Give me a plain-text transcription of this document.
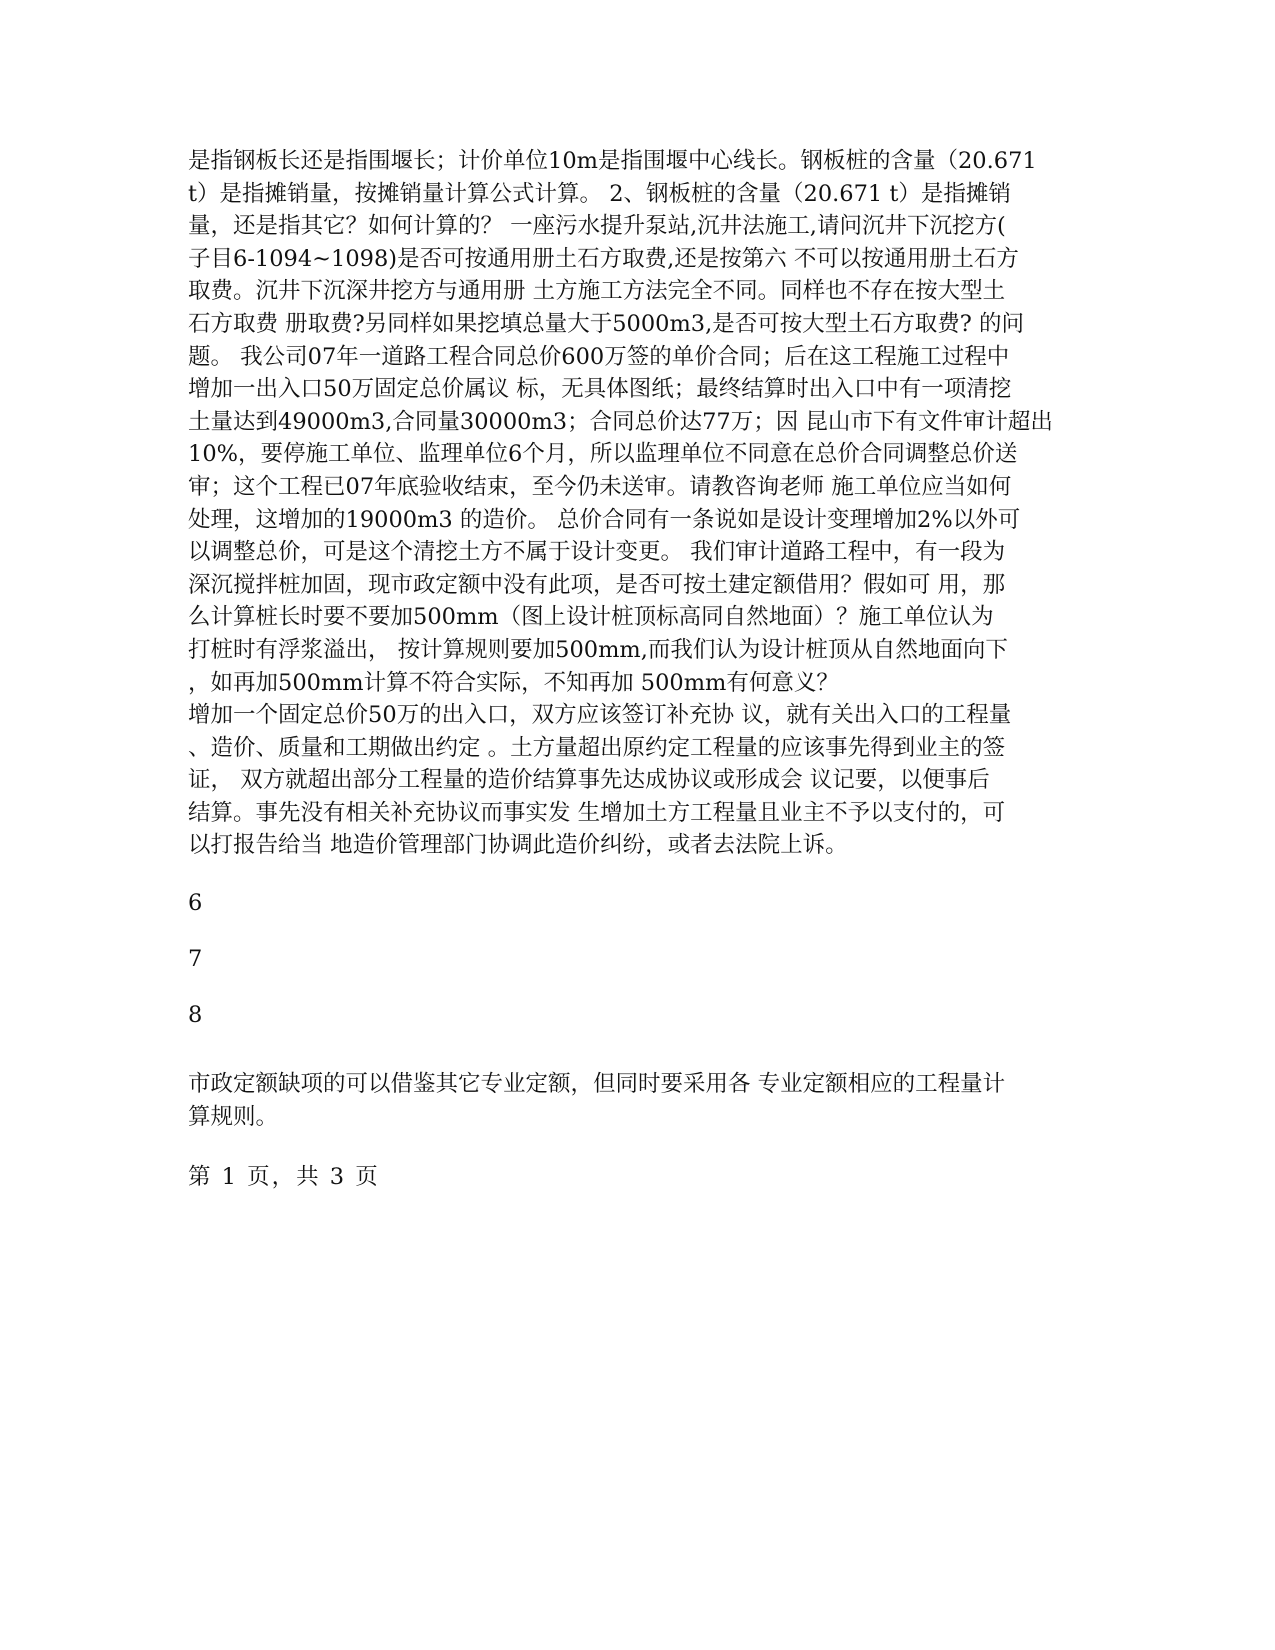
是指钢板长还是指围堰长；计价单位10m是指围堰中心线长。钢板桩的含量（20.671
t）是指摊销量，按摊销量计算公式计算。 2、钢板桩的含量（20.671 t）是指摊销
量，还是指其它？如何计算的？ 一座污水提升泵站,沉井法施工,请问沉井下沉挖方(
子目6-1094~1098)是否可按通用册土石方取费,还是按第六 不可以按通用册土石方
取费。沉井下沉深井挖方与通用册 土方施工方法完全不同。同样也不存在按大型土
石方取费 册取费?另同样如果挖填总量大于5000m3,是否可按大型土石方取费? 的问
题。 我公司07年一道路工程合同总价600万签的单价合同；后在这工程施工过程中
增加一出入口50万固定总价属议 标，无具体图纸；最终结算时出入口中有一项清挖
土量达到49000m3,合同量30000m3；合同总价达77万；因 昆山市下有文件审计超出
10%，要停施工单位、监理单位6个月，所以监理单位不同意在总价合同调整总价送
审；这个工程已07年底验收结束，至今仍未送审。请教咨询老师 施工单位应当如何
处理，这增加的19000m3 的造价。 总价合同有一条说如是设计变理增加2%以外可
以调整总价，可是这个清挖土方不属于设计变更。 我们审计道路工程中，有一段为
深沉搅拌桩加固，现市政定额中没有此项，是否可按土建定额借用？假如可 用，那
么计算桩长时要不要加500mm（图上设计桩顶标高同自然地面）？施工单位认为
打桩时有浮浆溢出， 按计算规则要加500mm,而我们认为设计桩顶从自然地面向下
，如再加500mm计算不符合实际，不知再加 500mm有何意义？
增加一个固定总价50万的出入口，双方应该签订补充协 议，就有关出入口的工程量
、造价、质量和工期做出约定 。土方量超出原约定工程量的应该事先得到业主的签
证， 双方就超出部分工程量的造价结算事先达成协议或形成会 议记要，以便事后
结算。事先没有相关补充协议而事实发 生增加土方工程量且业主不予以支付的，可
以打报告给当 地造价管理部门协调此造价纠纷，或者去法院上诉。
6
7
8
市政定额缺项的可以借鉴其它专业定额，但同时要采用各 专业定额相应的工程量计
算规则。
第 1 页，共 3 页
